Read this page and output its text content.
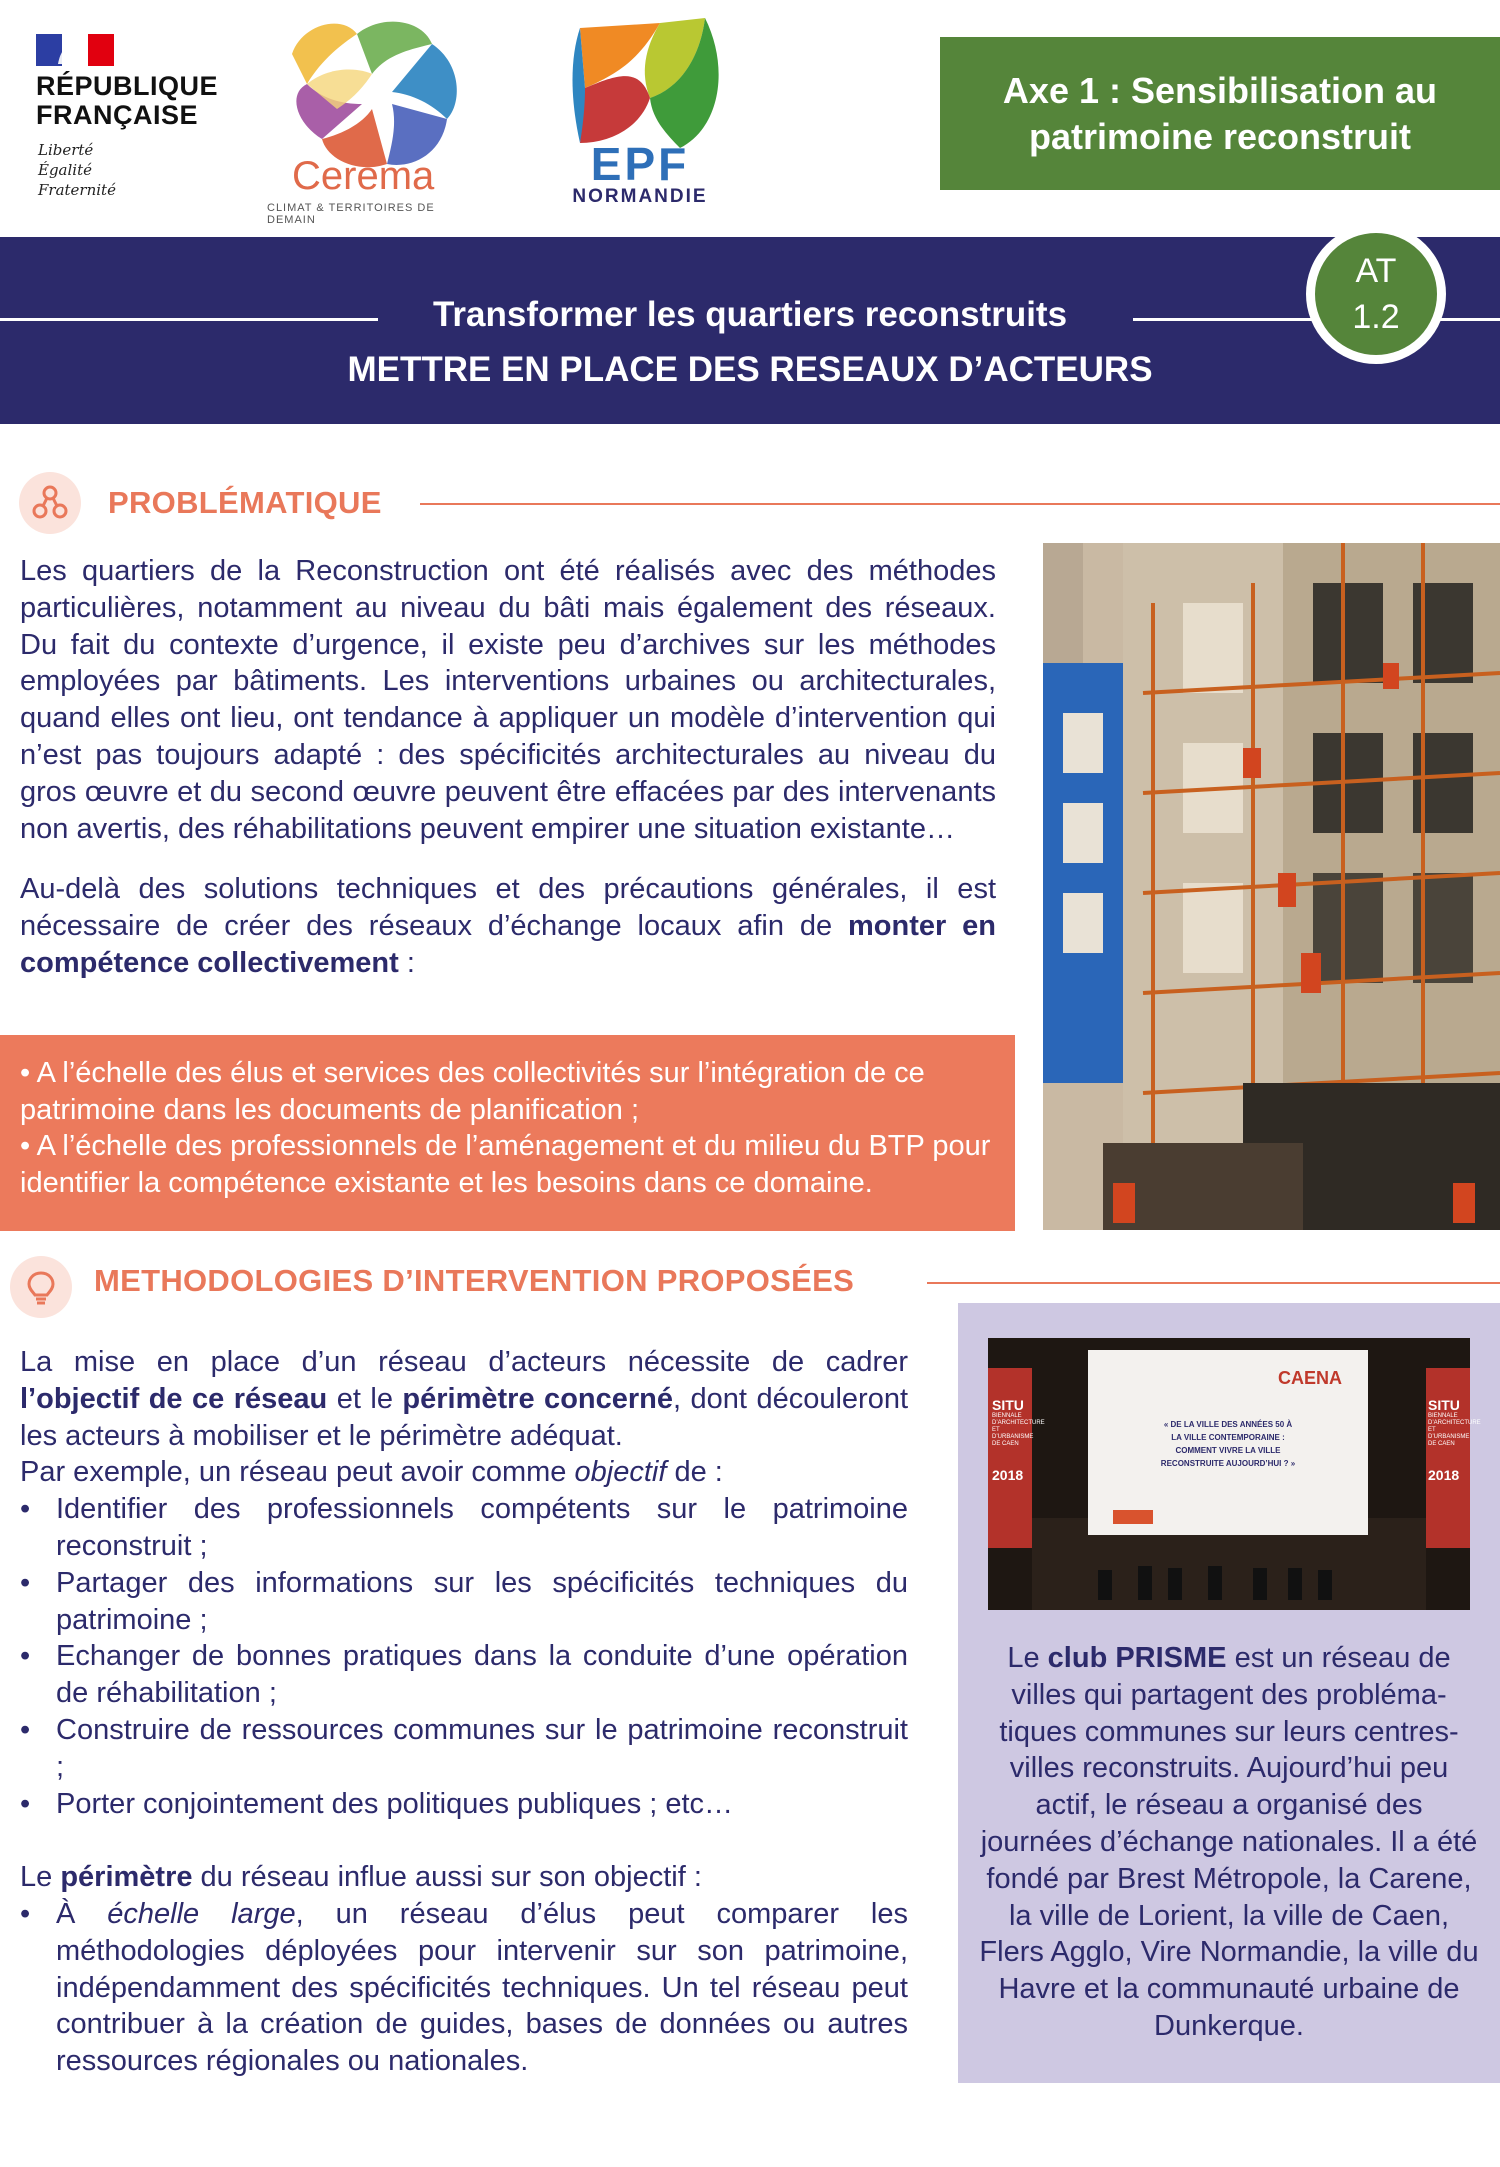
RÉPUBLIQUE
FRANÇAISE
Liberté
Égalité
Fraternité	Cerema
CLIMAT & TERRITOIRES DE DEMAIN
EPF
NORMANDIE
Axe 1 : Sensibilisation au patrimoine reconstruit
Transformer les quartiers reconstruits
METTRE EN PLACE DES RESEAUX D’ACTEURS
AT
1.2
PROBLÉMATIQUE

Les quartiers de la Reconstruction ont été réalisés avec des méthodes particulières, notamment au niveau du bâti mais également des réseaux. Du fait du contexte d’urgence, il existe peu d’archives sur les méthodes employées par bâtiments. Les interventions urbaines ou architecturales, quand elles ont lieu, ont tendance à appliquer un modèle d’intervention qui n’est pas toujours adapté : des spécificités architecturales au niveau du gros œuvre et du second œuvre peuvent être effacées par des intervenants non avertis, des réhabilitations peuvent empirer une situation existante…

Au-delà des solutions techniques et des précautions générales, il est nécessaire de créer des réseaux d’échange locaux afin de monter en compétence collectivement :

• A l’échelle des élus et services des collectivités sur l’intégration de ce patrimoine dans les documents de planification ;

• A l’échelle des professionnels de l’aménagement et du milieu du BTP pour identifier la compétence existante et les besoins dans ce domaine.

METHODOLOGIES D’INTERVENTION PROPOSÉES

La mise en place d’un réseau d’acteurs nécessite de cadrer l’objectif de ce réseau et le périmètre concerné, dont découleront les acteurs à mobiliser et le périmètre adéquat.

Par exemple, un réseau peut avoir comme objectif de :

• Identifier des professionnels compétents sur le patrimoine reconstruit ;
• Partager des informations sur les spécificités techniques du patrimoine ;
• Echanger de bonnes pratiques dans la conduite d’une opération de réhabilitation ;
• Construire de ressources communes sur le patrimoine reconstruit ;
• Porter conjointement des politiques publiques ; etc…

Le périmètre du réseau influe aussi sur son objectif :

• À échelle large, un réseau d’élus peut comparer les méthodologies déployées pour intervenir sur son patrimoine, indépendamment des spécificités techniques. Un tel réseau peut contribuer à la création de guides, bases de données ou autres ressources régionales ou nationales.
SITU
BIENNALE D’ARCHITECTURE ET D’URBANISME DE CAEN
2018
SITU
BIENNALE D’ARCHITECTURE ET D’URBANISME DE CAEN
2018
CAENA
« DE LA VILLE DES ANNÉES 50 À
LA VILLE CONTEMPORAINE :
COMMENT VIVRE LA VILLE
RECONSTRUITE AUJOURD’HUI ? »
Le club PRISME est un réseau de villes qui partagent des probléma-tiques communes sur leurs centres-villes reconstruits. Aujourd’hui peu actif, le réseau a organisé des journées d’échange nationales. Il a été fondé par Brest Métropole, la Carene, la ville de Lorient, la ville de Caen, Flers Agglo, Vire Normandie, la ville du Havre et la communauté urbaine de Dunkerque.
